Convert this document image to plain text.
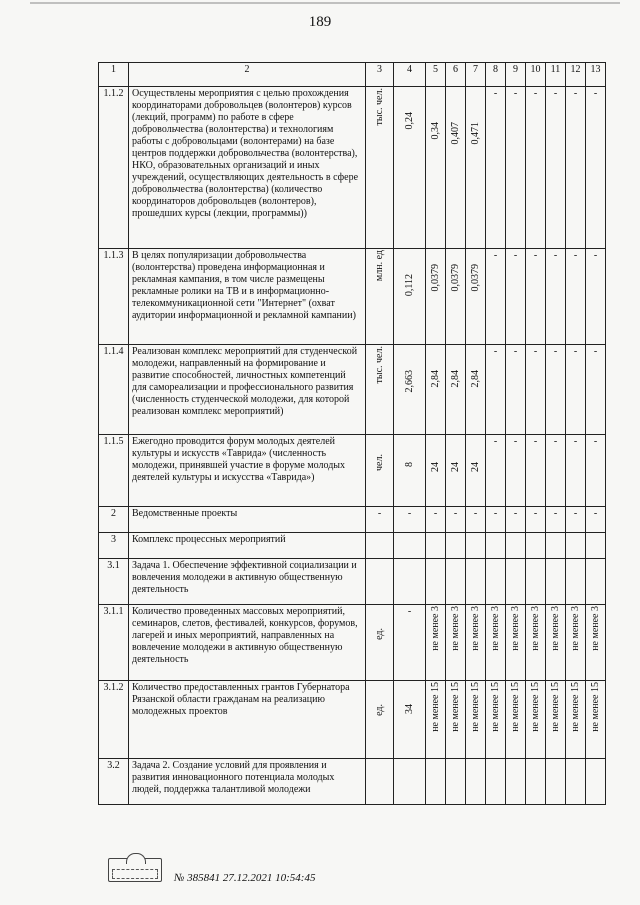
189
1	2	3	4	5	6	7	8	9	10	11	12	13
1.1.2	Осуществлены мероприятия с целью прохождения координаторами добровольцев (волонтеров) курсов (лекций, программ) по работе в сфере добровольчества (волонтерства) и технологиям работы с добровольцами (волонтерами) на базе центров поддержки добровольчества (волонтерства), НКО, образовательных организаций и иных учреждений, осуществляющих деятельность в сфере добровольчества (волонтерства) (количество координаторов добровольцев (волонтеров), прошедших курсы (лекции, программы))	тыс. чел.	0,24	0,34	0,407	0,471	-	-	-	-	-	-
1.1.3	В целях популяризации добровольчества (волонтерства) проведена информационная и рекламная кампания, в том числе размещены рекламные ролики на ТВ и в информационно-телекоммуникационной сети "Интернет" (охват аудитории информационной и рекламной кампании)	млн. ед	0,112	0,0379	0,0379	0,0379	-	-	-	-	-	-
1.1.4	Реализован комплекс мероприятий для студенческой молодежи, направленный на формирование и развитие способностей, личностных компетенций для самореализации и профессионального развития (численность студенческой молодежи, для которой реализован комплекс мероприятий)	тыс. чел.	2,663	2,84	2,84	2,84	-	-	-	-	-	-
1.1.5	Ежегодно проводится форум молодых деятелей культуры и искусств «Таврида» (численность молодежи, принявшей участие в форуме молодых деятелей культуры и искусства «Таврида»)	чел.	8	24	24	24	-	-	-	-	-	-
2	Ведомственные проекты	-	-	-	-	-	-	-	-	-	-	-
3	Комплекс процессных мероприятий											
3.1	Задача 1. Обеспечение эффективной социализации и вовлечения молодежи в активную общественную деятельность											
3.1.1	Количество проведенных массовых мероприятий, семинаров, слетов, фестивалей, конкурсов, форумов, лагерей и иных мероприятий, направленных на вовлечение молодежи в активную общественную деятельность	ед.	-	не менее 3	не менее 3	не менее 3	не менее 3	не менее 3	не менее 3	не менее 3	не менее 3	не менее 3
3.1.2	Количество предоставленных грантов Губернатора Рязанской области гражданам на реализацию молодежных проектов	ед.	34	не менее 15	не менее 15	не менее 15	не менее 15	не менее 15	не менее 15	не менее 15	не менее 15	не менее 15
3.2	Задача 2. Создание условий для проявления и развития инновационного потенциала молодых людей, поддержка талантливой молодежи											
№ 385841 27.12.2021 10:54:45
